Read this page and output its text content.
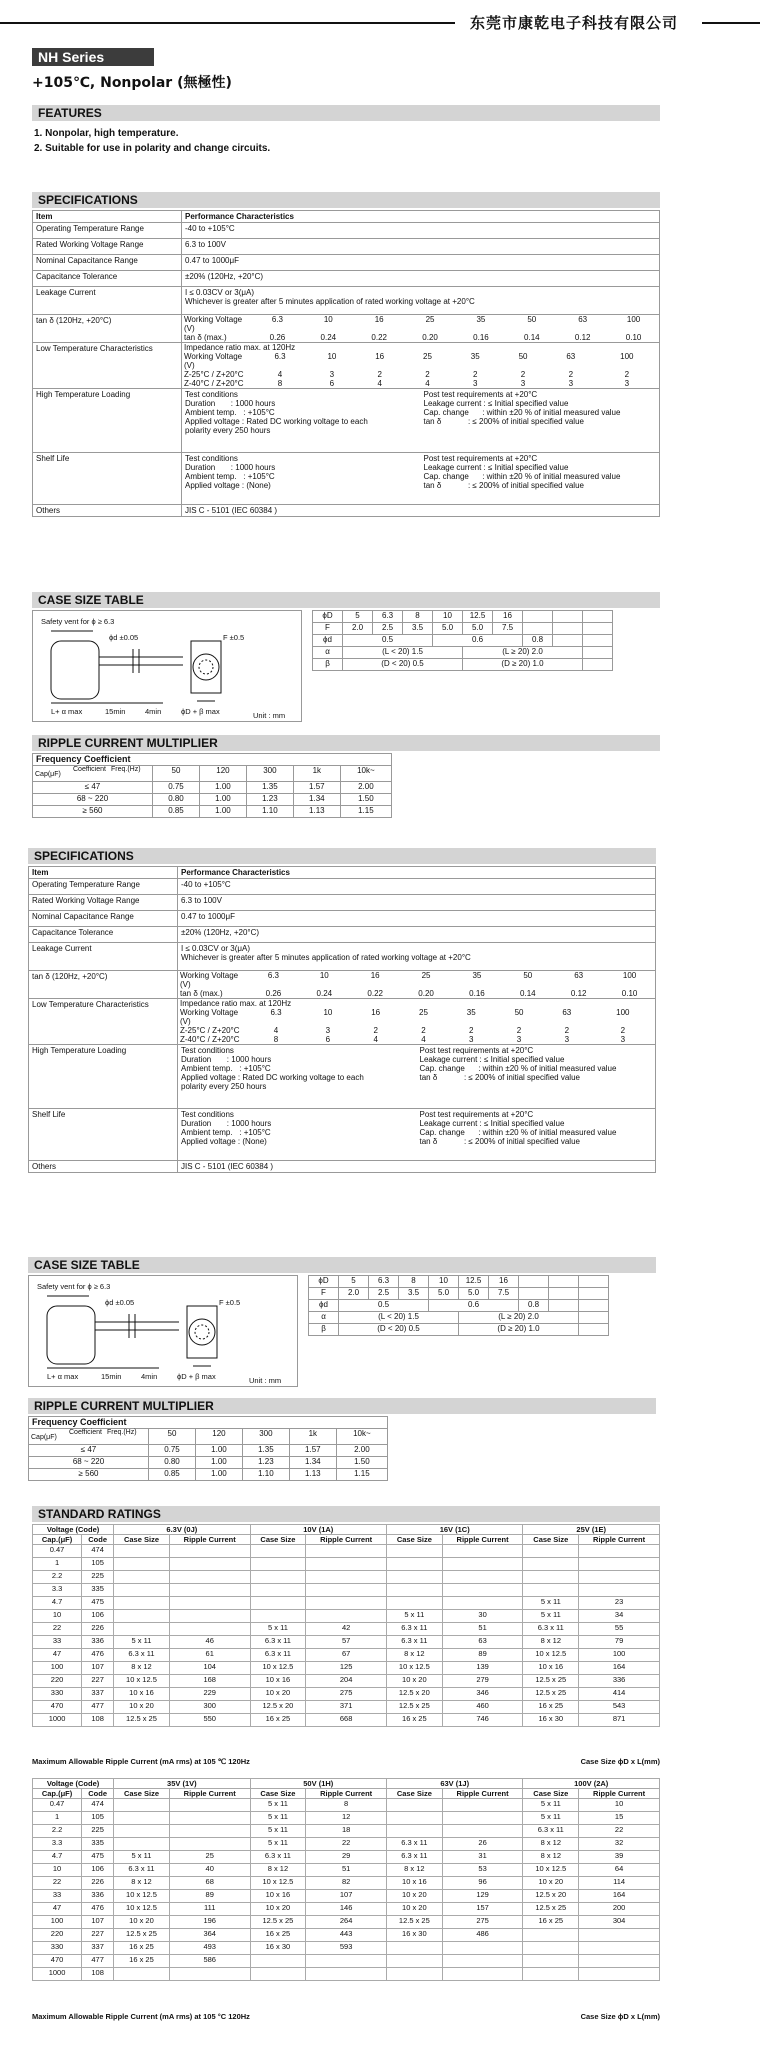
东莞市康乾电子科技有限公司
NH Series
+105℃, Nonpolar (無極性)
FEATURES
1. Nonpolar, high temperature.
2. Suitable for use in polarity and change circuits.
SPECIFICATIONS
Item	Performance Characteristics
Operating Temperature Range	-40 to +105°C
Rated Working Voltage Range	6.3 to 100V
Nominal Capacitance Range	0.47 to 1000μF
Capacitance Tolerance	±20% (120Hz, +20°C)
Leakage Current	I ≤ 0.03CV or 3(μA)
Whichever is greater after 5 minutes application of rated working voltage at +20°C

tan δ (120Hz, +20°C)		Working Voltage (V)	6.3	10	16	25	35	50	63	100
tan δ (max.)	0.26	0.24	0.22	0.20	0.16	0.14	0.12	0.10

Low Temperature Characteristics	Impedance ratio max. at 120Hz
Working Voltage (V)	6.3	10	16	25	35	50	63	100
Z-25°C / Z+20°C	4	3	2	2	2	2	2	2
Z-40°C / Z+20°C	8	6	4	4	3	3	3	3

High Temperature Loading	Test conditions
Duration       : 1000 hours
Ambient temp.   : +105°C
Applied voltage : Rated DC working voltage to each
polarity every 250 hours
Post test requirements at +20°C
Leakage current : ≤ Initial specified value
Cap. change      : within ±20 % of initial measured value
tan δ            : ≤ 200% of initial specified value

Shelf Life	Test conditions
Duration       : 1000 hours
Ambient temp.   : +105°C
Applied voltage : (None)
Post test requirements at +20°C
Leakage current : ≤ Initial specified value
Cap. change      : within ±20 % of initial measured value
tan δ            : ≤ 200% of initial specified value

Others	JIS C - 5101 (IEC 60384 )
CASE SIZE TABLE
Safety vent for ϕ ≥ 6.3
ϕd ±0.05	F ±0.5
L+ α max	15min	4min	ϕD + β max	Unit : mm
ϕD	5	6.3	8	10	12.5	16			
F	2.0	2.5	3.5	5.0	5.0	7.5			
ϕd	0.5			0.6			0.8		
α	(L < 20) 1.5				(L ≥ 20) 2.0				
β	(D < 20) 0.5				(D ≥ 20) 1.0				
RIPPLE CURRENT MULTIPLIER
Frequency Coefficient					

Cap(μF)
Coefficient Freq.(Hz)	50	120	300	1k	10k~
≤ 47	0.75	1.00	1.35	1.57	2.00
68 ~ 220	0.80	1.00	1.23	1.34	1.50
≥ 560	0.85	1.00	1.10	1.13	1.15
SPECIFICATIONS
Item	Performance Characteristics
Operating Temperature Range	-40 to +105°C
Rated Working Voltage Range	6.3 to 100V
Nominal Capacitance Range	0.47 to 1000μF
Capacitance Tolerance	±20% (120Hz, +20°C)
Leakage Current	I ≤ 0.03CV or 3(μA)
Whichever is greater after 5 minutes application of rated working voltage at +20°C

tan δ (120Hz, +20°C)		Working Voltage (V)	6.3	10	16	25	35	50	63	100
tan δ (max.)	0.26	0.24	0.22	0.20	0.16	0.14	0.12	0.10

Low Temperature Characteristics	Impedance ratio max. at 120Hz
Working Voltage (V)	6.3	10	16	25	35	50	63	100
Z-25°C / Z+20°C	4	3	2	2	2	2	2	2
Z-40°C / Z+20°C	8	6	4	4	3	3	3	3

High Temperature Loading	Test conditions
Duration       : 1000 hours
Ambient temp.   : +105°C
Applied voltage : Rated DC working voltage to each
polarity every 250 hours
Post test requirements at +20°C
Leakage current : ≤ Initial specified value
Cap. change      : within ±20 % of initial measured value
tan δ            : ≤ 200% of initial specified value

Shelf Life	Test conditions
Duration       : 1000 hours
Ambient temp.   : +105°C
Applied voltage : (None)
Post test requirements at +20°C
Leakage current : ≤ Initial specified value
Cap. change      : within ±20 % of initial measured value
tan δ            : ≤ 200% of initial specified value

Others	JIS C - 5101 (IEC 60384 )
CASE SIZE TABLE
Safety vent for ϕ ≥ 6.3
ϕd ±0.05	F ±0.5
L+ α max	15min	4min	ϕD + β max	Unit : mm
ϕD	5	6.3	8	10	12.5	16			
F	2.0	2.5	3.5	5.0	5.0	7.5			
ϕd	0.5			0.6			0.8		
α	(L < 20) 1.5				(L ≥ 20) 2.0				
β	(D < 20) 0.5				(D ≥ 20) 1.0				
RIPPLE CURRENT MULTIPLIER
Frequency Coefficient					

Cap(μF)
Coefficient Freq.(Hz)	50	120	300	1k	10k~
≤ 47	0.75	1.00	1.35	1.57	2.00
68 ~ 220	0.80	1.00	1.23	1.34	1.50
≥ 560	0.85	1.00	1.10	1.13	1.15
STANDARD RATINGS
Voltage (Code)		6.3V (0J)		10V (1A)		16V (1C)		25V (1E)	
Cap.(μF)	Code	Case Size	Ripple Current	Case Size	Ripple Current	Case Size	Ripple Current	Case Size	Ripple Current
0.47	474								
1	105								
2.2	225								
3.3	335								
4.7	475							5 x 11	23
10	106					5 x 11	30	5 x 11	34
22	226			5 x 11	42	6.3 x 11	51	6.3 x 11	55
33	336	5 x 11	46	6.3 x 11	57	6.3 x 11	63	8 x 12	79
47	476	6.3 x 11	61	6.3 x 11	67	8 x 12	89	10 x 12.5	100
100	107	8 x 12	104	10 x 12.5	125	10 x 12.5	139	10 x 16	164
220	227	10 x 12.5	168	10 x 16	204	10 x 20	279	12.5 x 25	336
330	337	10 x 16	229	10 x 20	275	12.5 x 20	346	12.5 x 25	414
470	477	10 x 20	300	12.5 x 20	371	12.5 x 25	460	16 x 25	543
1000	108	12.5 x 25	550	16 x 25	668	16 x 25	746	16 x 30	871
Maximum Allowable Ripple Current (mA rms) at 105 ℃ 120Hz	Case Size ϕD x L(mm)
Voltage (Code)		35V (1V)		50V (1H)		63V (1J)		100V (2A)	
Cap.(μF)	Code	Case Size	Ripple Current	Case Size	Ripple Current	Case Size	Ripple Current	Case Size	Ripple Current
0.47	474			5 x 11	8			5 x 11	10
1	105			5 x 11	12			5 x 11	15
2.2	225			5 x 11	18			6.3 x 11	22
3.3	335			5 x 11	22	6.3 x 11	26	8 x 12	32
4.7	475	5 x 11	25	6.3 x 11	29	6.3 x 11	31	8 x 12	39
10	106	6.3 x 11	40	8 x 12	51	8 x 12	53	10 x 12.5	64
22	226	8 x 12	68	10 x 12.5	82	10 x 16	96	10 x 20	114
33	336	10 x 12.5	89	10 x 16	107	10 x 20	129	12.5 x 20	164
47	476	10 x 12.5	111	10 x 20	146	10 x 20	157	12.5 x 25	200
100	107	10 x 20	196	12.5 x 25	264	12.5 x 25	275	16 x 25	304
220	227	12.5 x 25	364	16 x 25	443	16 x 30	486		
330	337	16 x 25	493	16 x 30	593				
470	477	16 x 25	586						
1000	108								
Maximum Allowable Ripple Current (mA rms) at 105 °C 120Hz	Case Size ϕD x L(mm)
